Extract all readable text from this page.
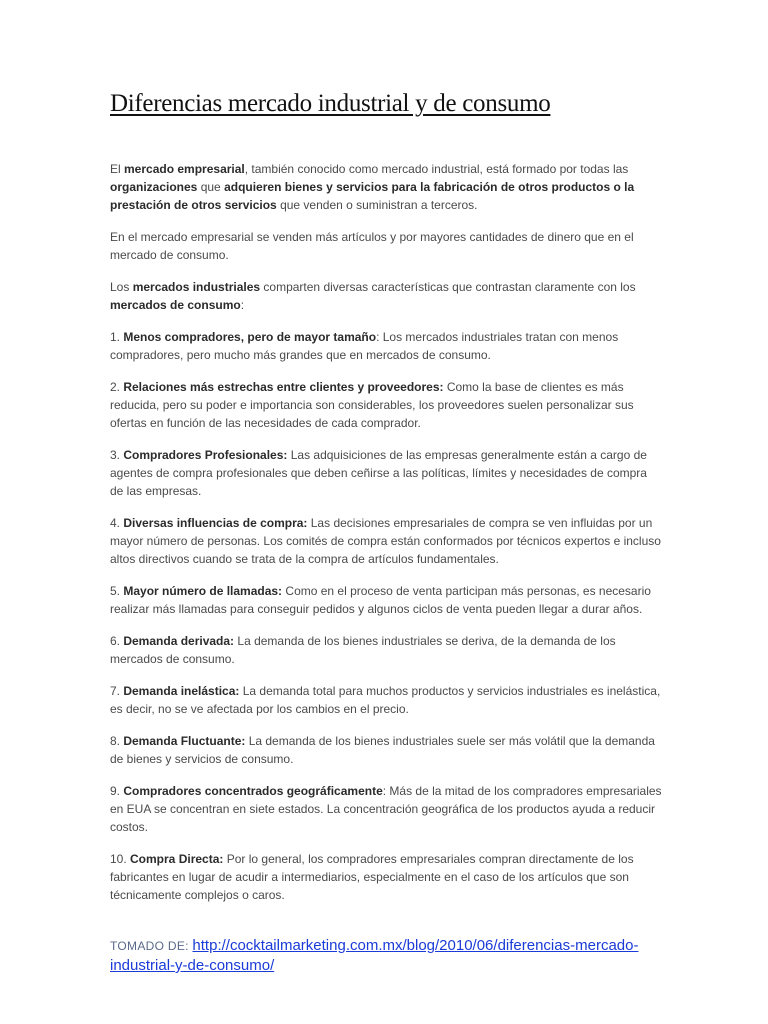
Diferencias mercado industrial y de consumo

El mercado empresarial, también conocido como mercado industrial, está formado por todas las organizaciones que adquieren bienes y servicios para la fabricación de otros productos o la prestación de otros servicios que venden o suministran a terceros.

En el mercado empresarial se venden más artículos y por mayores cantidades de dinero que en el mercado de consumo.

Los mercados industriales comparten diversas características que contrastan claramente con los mercados de consumo:

1. Menos compradores, pero de mayor tamaño: Los mercados industriales tratan con menos compradores, pero mucho más grandes que en mercados de consumo.

2. Relaciones más estrechas entre clientes y proveedores: Como la base de clientes es más reducida, pero su poder e importancia son considerables, los proveedores suelen personalizar sus ofertas en función de las necesidades de cada comprador.

3. Compradores Profesionales: Las adquisiciones de las empresas generalmente están a cargo de agentes de compra profesionales que deben ceñirse a las políticas, límites y necesidades de compra de las empresas.

4. Diversas influencias de compra: Las decisiones empresariales de compra se ven influidas por un mayor número de personas. Los comités de compra están conformados por técnicos expertos e incluso altos directivos cuando se trata de la compra de artículos fundamentales.

5. Mayor número de llamadas: Como en el proceso de venta participan más personas, es necesario realizar más llamadas para conseguir pedidos y algunos ciclos de venta pueden llegar a durar años.

6. Demanda derivada: La demanda de los bienes industriales se deriva, de la demanda de los mercados de consumo.

7. Demanda inelástica: La demanda total para muchos productos y servicios industriales es inelástica, es decir, no se ve afectada por los cambios en el precio.

8. Demanda Fluctuante: La demanda de los bienes industriales suele ser más volátil que la demanda de bienes y servicios de consumo.

9. Compradores concentrados geográficamente: Más de la mitad de los compradores empresariales en EUA se concentran en siete estados. La concentración geográfica de los productos ayuda a reducir costos.

10. Compra Directa: Por lo general, los compradores empresariales compran directamente de los fabricantes en lugar de acudir a intermediarios, especialmente en el caso de los artículos que son técnicamente complejos o caros.

TOMADO DE: http://cocktailmarketing.com.mx/blog/2010/06/diferencias-mercado-industrial-y-de-consumo/
